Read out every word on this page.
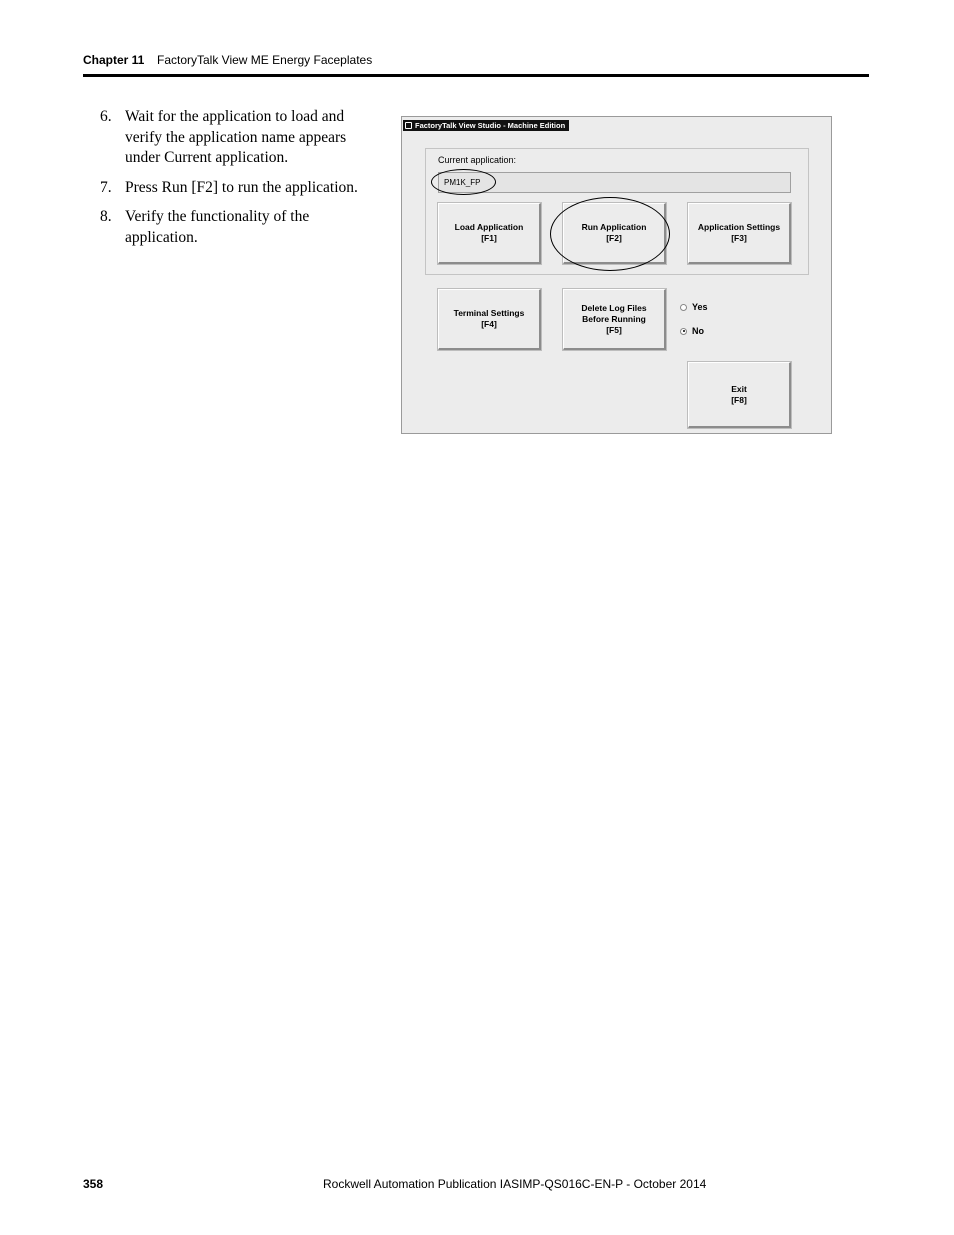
Chapter 11 FactoryTalk View ME Energy Faceplates
6. Wait for the application to load and verify the application name appears under Current application.
7. Press Run [F2] to run the application.
8. Verify the functionality of the application.
FactoryTalk View Studio - Machine Edition
Current application:
PM1K_FP
Load Application
[F1]
Run Application
[F2]
Application Settings
[F3]
Terminal Settings
[F4]
Delete Log Files
Before Running
[F5]
Yes
No
Exit
[F8]
358	Rockwell Automation Publication IASIMP-QS016C-EN-P - October 2014
